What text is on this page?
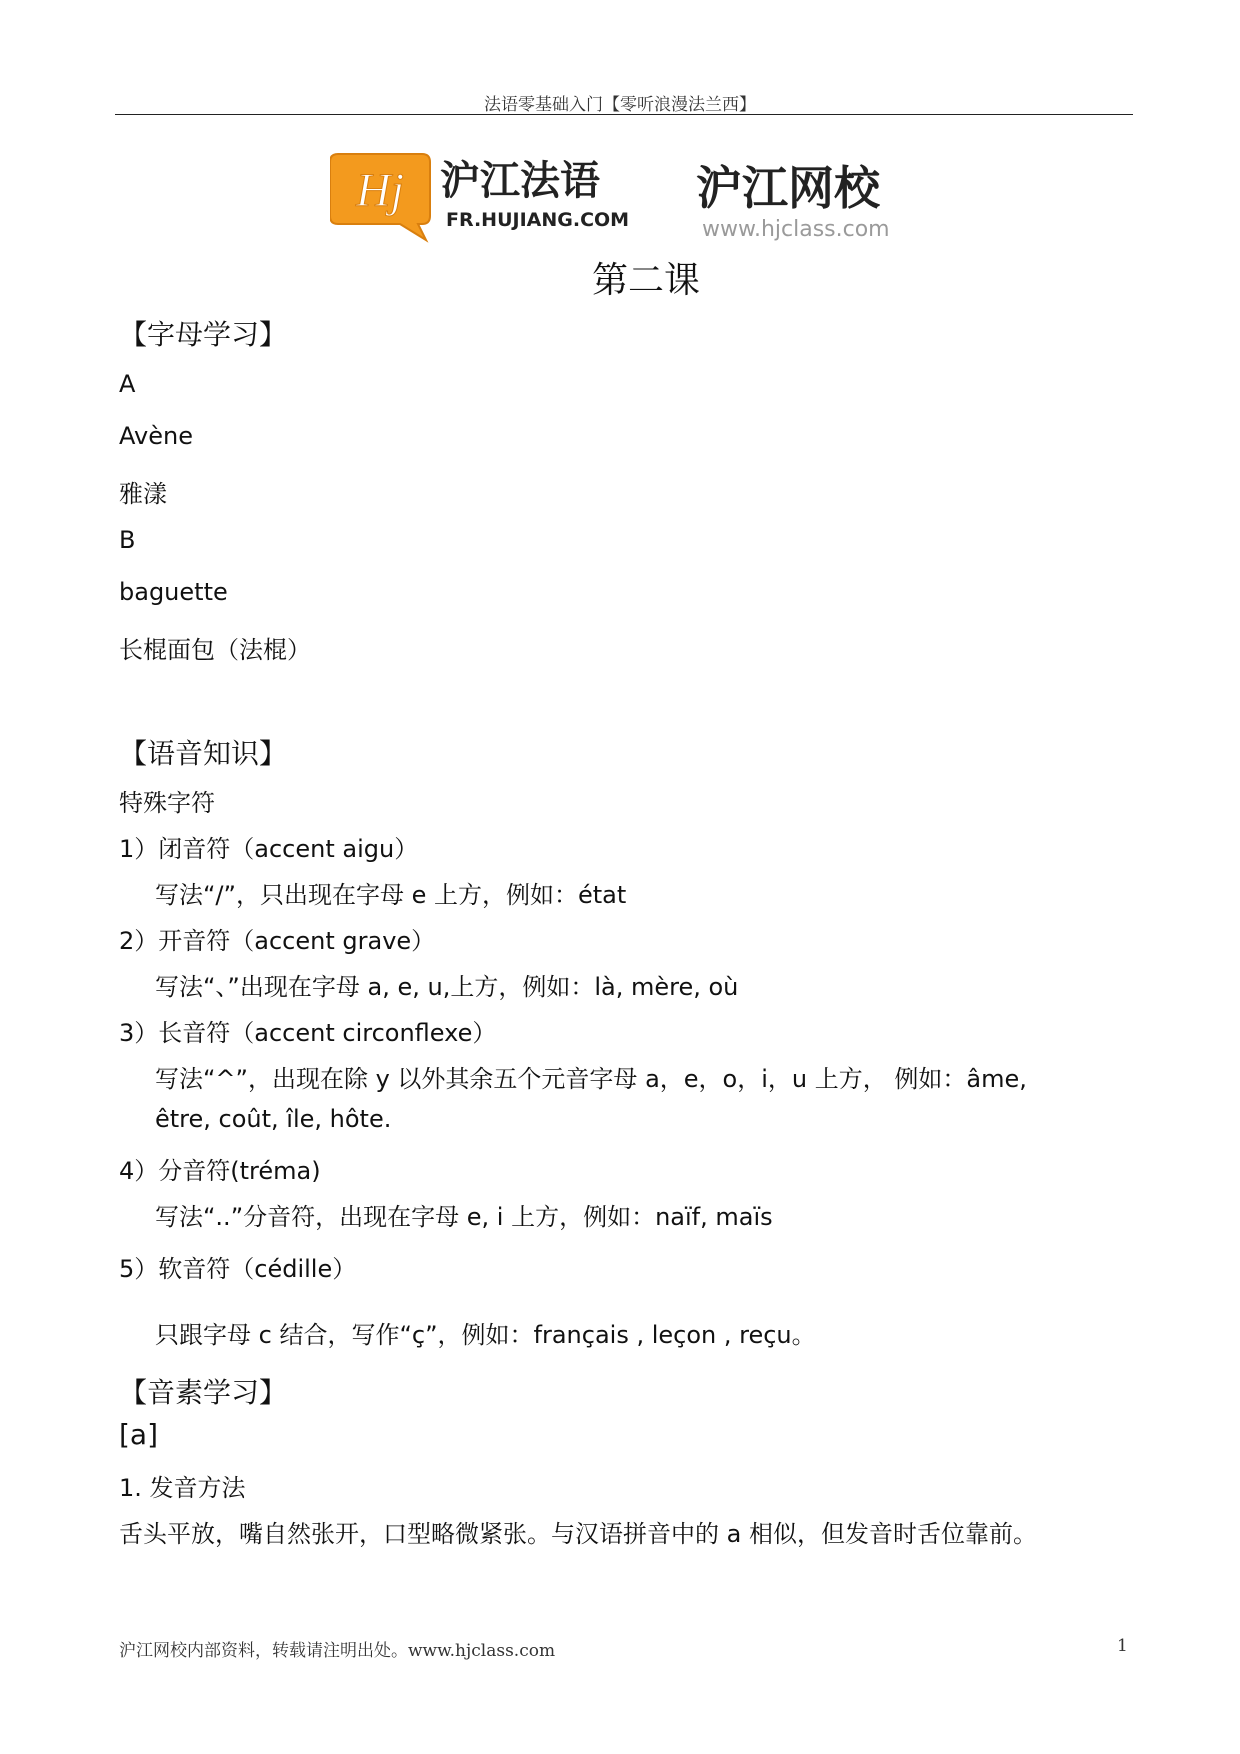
法语零基础入门【零听浪漫法兰西】
Hj 沪江法语
FR.HUJIANG.COM
沪江网校
www.hjclass.com
第二课
【字母学习】
A
Avène
雅漾
B
baguette
长棍面包（法棍）
【语音知识】
特殊字符
1）闭音符（accent aigu）
写法“/”，只出现在字母 e 上方，例如：état
2）开音符（accent grave）
写法“、”出现在字母 a, e, u,上方，例如：là, mère, où
3）长音符（accent circonflexe）
写法“^”，出现在除 y 以外其余五个元音字母 a，e，o，i，u 上方， 例如：âme,
être, coût, île, hôte.
4）分音符(tréma)
写法“..”分音符，出现在字母 e, i 上方，例如：naïf, maïs
5）软音符（cédille）
只跟字母 c 结合，写作“ç”，例如：français , leçon , reçu。
【音素学习】
[a]
1. 发音方法
舌头平放，嘴自然张开，口型略微紧张。与汉语拼音中的 a 相似，但发音时舌位靠前。
沪江网校内部资料，转载请注明出处。www.hjclass.com	1
